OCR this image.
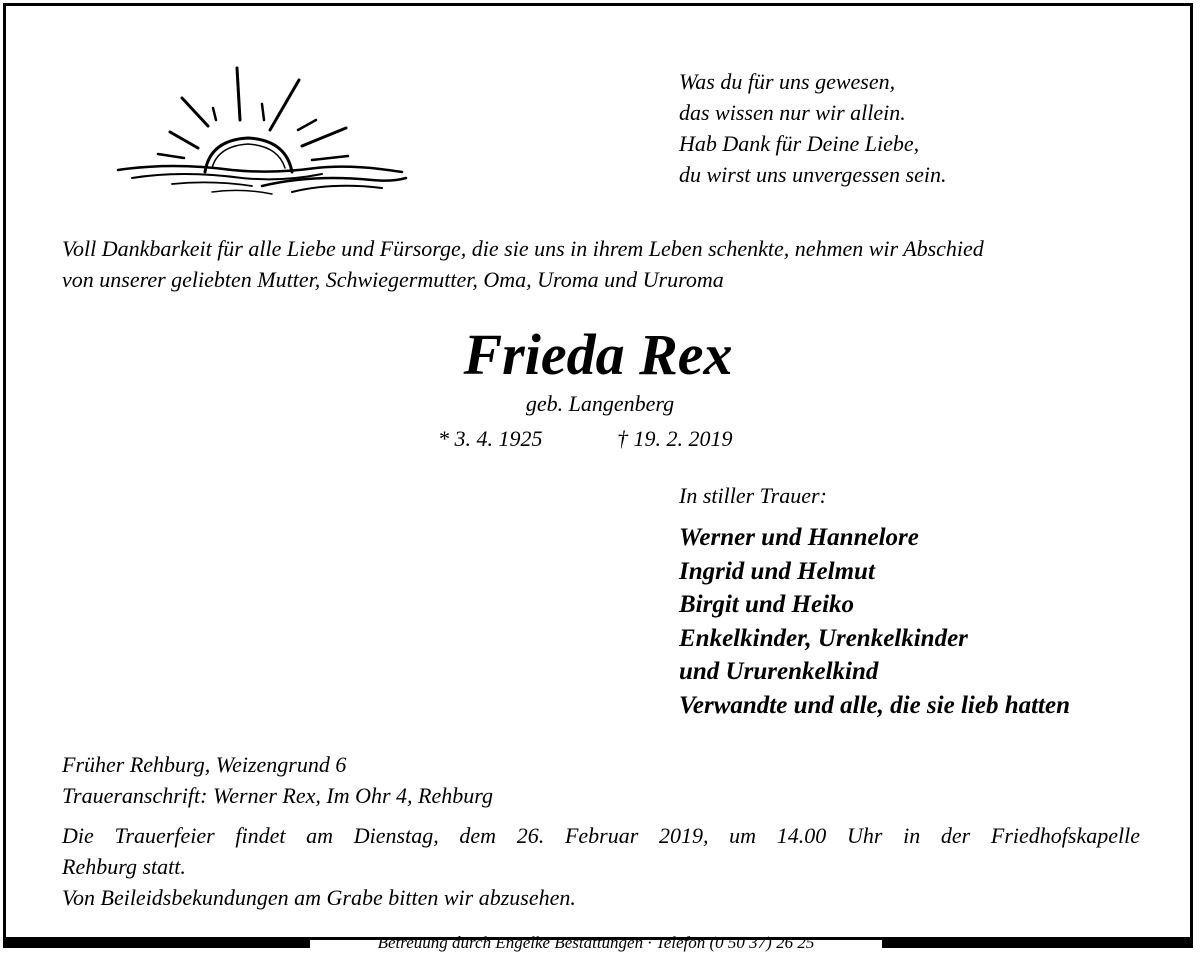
Was du für uns gewesen,
das wissen nur wir allein.
Hab Dank für Deine Liebe,
du wirst uns unvergessen sein.
Voll Dankbarkeit für alle Liebe und Fürsorge, die sie uns in ihrem Leben schenkte, nehmen wir Abschied
von unserer geliebten Mutter, Schwiegermutter, Oma, Uroma und Ururoma
Frieda Rex
geb. Langenberg
* 3. 4. 1925	† 19. 2. 2019
In stiller Trauer:
Werner und Hannelore
Ingrid und Helmut
Birgit und Heiko
Enkelkinder, Urenkelkinder
und Ururenkelkind
Verwandte und alle, die sie lieb hatten
Früher Rehburg, Weizengrund 6
Traueranschrift: Werner Rex, Im Ohr 4, Rehburg
Die Trauerfeier findet am Dienstag, dem 26. Februar 2019, um 14.00 Uhr in der Friedhofskapelle
Rehburg statt.
Von Beileidsbekundungen am Grabe bitten wir abzusehen.
Betreuung durch Engelke Bestattungen · Telefon (0 50 37) 26 25
